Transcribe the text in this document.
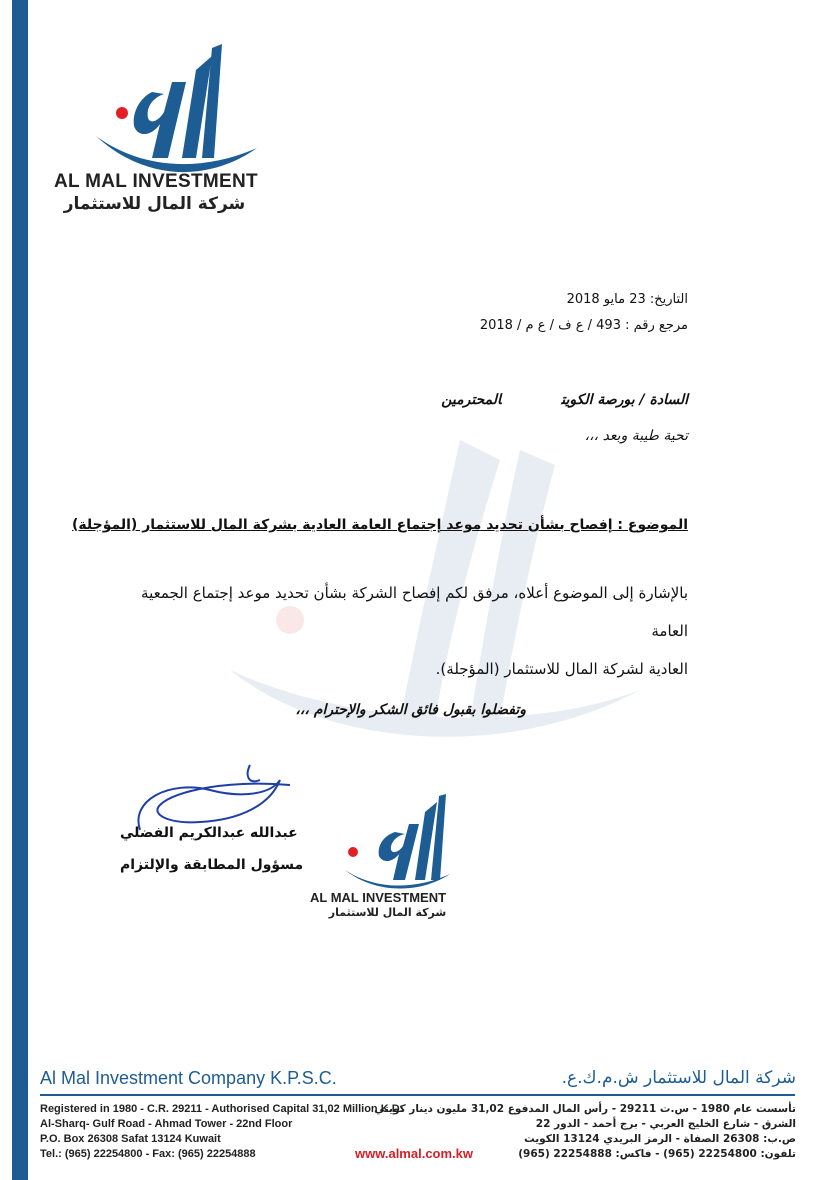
AL MAL INVESTMENT
شركة المال للاستثمار
التاريخ: 23 مايو 2018
مرجع رقم : 493 / ع ف / ع م / 2018
السادة / بورصة الكويتالمحترمين
تحية طيبة وبعد ،،،
الموضوع : إفصاح بشأن تحديد موعد إجتماع العامة العادية بشركة المال للاستثمار (المؤجلة)
بالإشارة إلى الموضوع أعلاه، مرفق لكم إفصاح الشركة بشأن تحديد موعد إجتماع الجمعية العامة
العادية لشركة المال للاستثمار (المؤجلة).
وتفضلوا بقبول فائق الشكر والإحترام ،،،
عبدالله عبدالكريم الفضلي
مسؤول المطابقة والإلتزام
AL MAL INVESTMENT
شركة المال للاستثمار
Al Mal Investment Company K.P.S.C.	شركة المال للاستثمار ش.م.ك.ع.
Registered in 1980 - C.R. 29211 - Authorised Capital 31,02 Million K.D.
Al-Sharq- Gulf Road - Ahmad Tower - 22nd Floor
P.O. Box 26308 Safat 13124 Kuwait
Tel.: (965) 22254800 - Fax: (965) 22254888
تأسست عام 1980 - س.ت 29211 - رأس المال المدفوع 31,02 مليون دينار كويتي
الشرق - شارع الخليج العربي - برج أحمد - الدور 22
ص.ب: 26308 الصفاة - الرمز البريدي 13124 الكويت
تلفون: 22254800 (965) - فاكس: 22254888 (965)
www.almal.com.kw
